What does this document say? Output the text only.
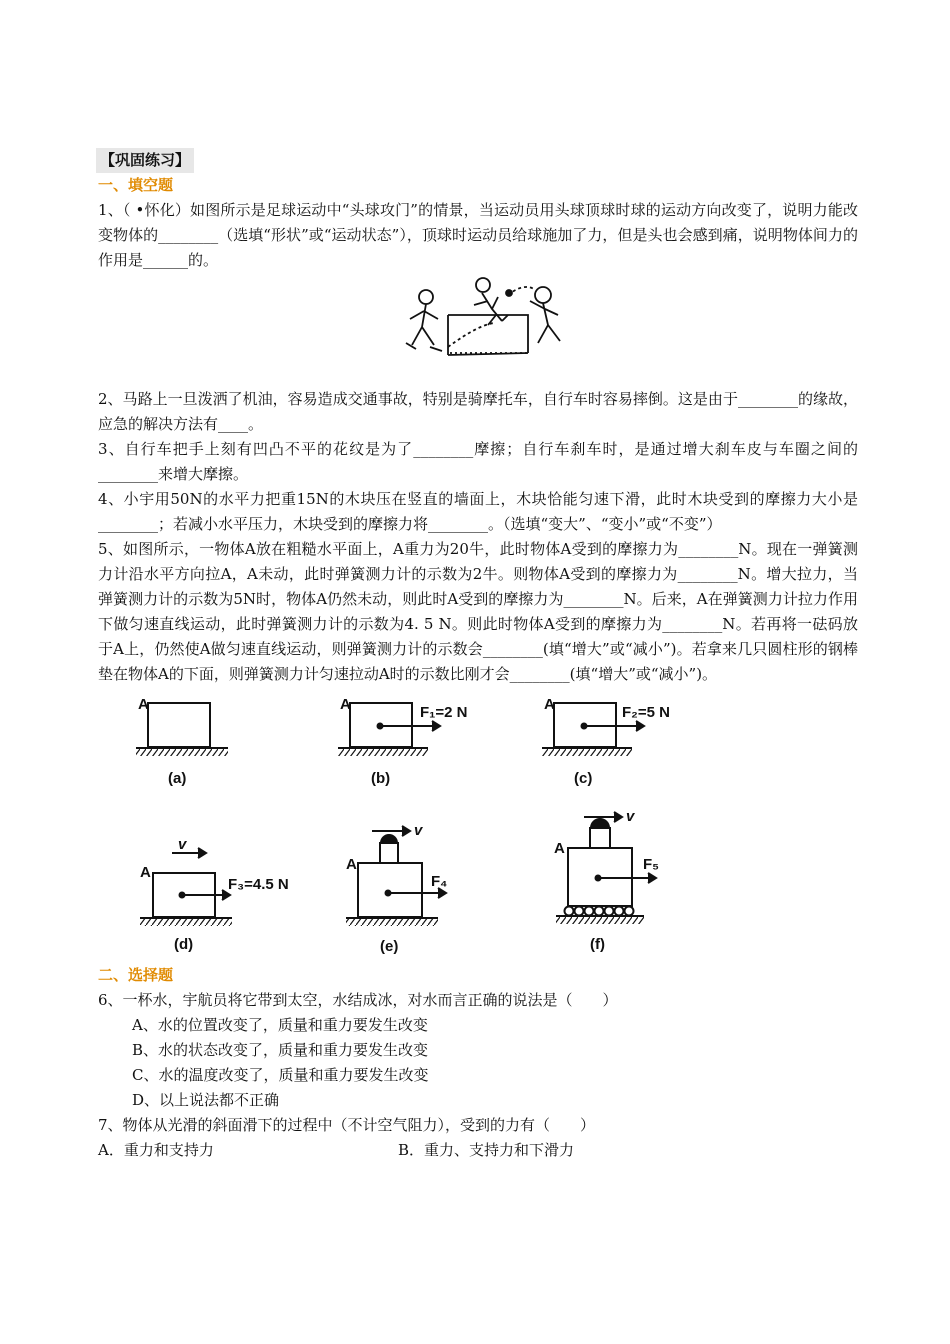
【巩固练习】
一、填空题

1、（ •怀化）如图所示是足球运动中“头球攻门”的情景，当运动员用头球顶球时球的运动方向改变了，说明力能改变物体的________（选填“形状”或“运动状态”），顶球时运动员给球施加了力，但是头也会感到痛，说明物体间力的作用是______的。

2、马路上一旦泼洒了机油，容易造成交通事故，特别是骑摩托车，自行车时容易摔倒。这是由于________的缘故，应急的解决方法有____。

3、自行车把手上刻有凹凸不平的花纹是为了________摩擦；自行车刹车时，是通过增大刹车皮与车圈之间的________来增大摩擦。

4、小宇用50N的水平力把重15N的木块压在竖直的墙面上，木块恰能匀速下滑，此时木块受到的摩擦力大小是________；若减小水平压力，木块受到的摩擦力将________。（选填“变大”、“变小”或“不变”）

5、如图所示，一物体A放在粗糙水平面上，A重力为20牛，此时物体A受到的摩擦力为________N。现在一弹簧测力计沿水平方向拉A，A未动，此时弹簧测力计的示数为2牛。则物体A受到的摩擦力为________N。增大拉力，当弹簧测力计的示数为5N时，物体A仍然未动，则此时A受到的摩擦力为________N。后来，A在弹簧测力计拉力作用下做匀速直线运动，此时弹簧测力计的示数为4. 5 N。则此时物体A受到的摩擦力为________N。若再将一砝码放于A上，仍然使A做匀速直线运动，则弹簧测力计的示数会________(填“增大”或“减小”)。若拿来几只圆柱形的钢棒垫在物体A的下面，则弹簧测力计匀速拉动A时的示数比刚才会________(填“增大”或“减小”)。

A	A	A
A	A
A
F₁=2 N	F₂=5 N
F₃=4.5 N	F₄
F₅
v
v
v
(a)	(b)	(c)
(d)	(e)	(f)
二、选择题

6、一杯水，宇航员将它带到太空，水结成冰，对水而言正确的说法是（　　）

A、水的位置改变了，质量和重力要发生改变

B、水的状态改变了，质量和重力要发生改变

C、水的温度改变了，质量和重力要发生改变

D、以上说法都不正确

7、物体从光滑的斜面滑下的过程中（不计空气阻力），受到的力有（　　）

A．重力和支持力	B．重力、支持力和下滑力
